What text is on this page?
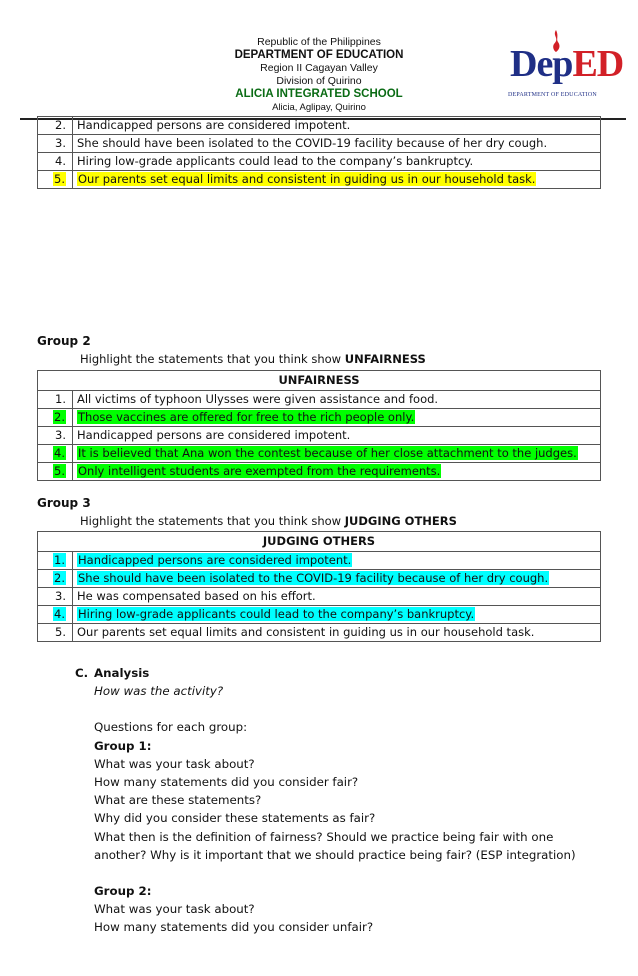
Republic of the Philippines
DEPARTMENT OF EDUCATION
Region II Cagayan Valley
Division of Quirino
ALICIA INTEGRATED SCHOOL
Alicia, Aglipay, Quirino
DepED
DEPARTMENT OF EDUCATION
2.	Handicapped persons are considered impotent.
3.	She should have been isolated to the COVID-19 facility because of her dry cough.
4.	Hiring low-grade applicants could lead to the company’s bankruptcy.
5.	Our parents set equal limits and consistent in guiding us in our household task.
Group 2
Highlight the statements that you think show UNFAIRNESS
UNFAIRNESS	
1.	All victims of typhoon Ulysses were given assistance and food.
2.	Those vaccines are offered for free to the rich people only.
3.	Handicapped persons are considered impotent.
4.	It is believed that Ana won the contest because of her close attachment to the judges.
5.	Only intelligent students are exempted from the requirements.
Group 3
Highlight the statements that you think show JUDGING OTHERS
JUDGING OTHERS	
1.	Handicapped persons are considered impotent.
2.	She should have been isolated to the COVID-19 facility because of her dry cough.
3.	He was compensated based on his effort.
4.	Hiring low-grade applicants could lead to the company’s bankruptcy.
5.	Our parents set equal limits and consistent in guiding us in our household task.
C. Analysis
How was the activity?
Questions for each group:
Group 1:
What was your task about?
How many statements did you consider fair?
What are these statements?
Why did you consider these statements as fair?
What then is the definition of fairness? Should we practice being fair with one
another? Why is it important that we should practice being fair? (ESP integration)
Group 2:
What was your task about?
How many statements did you consider unfair?
